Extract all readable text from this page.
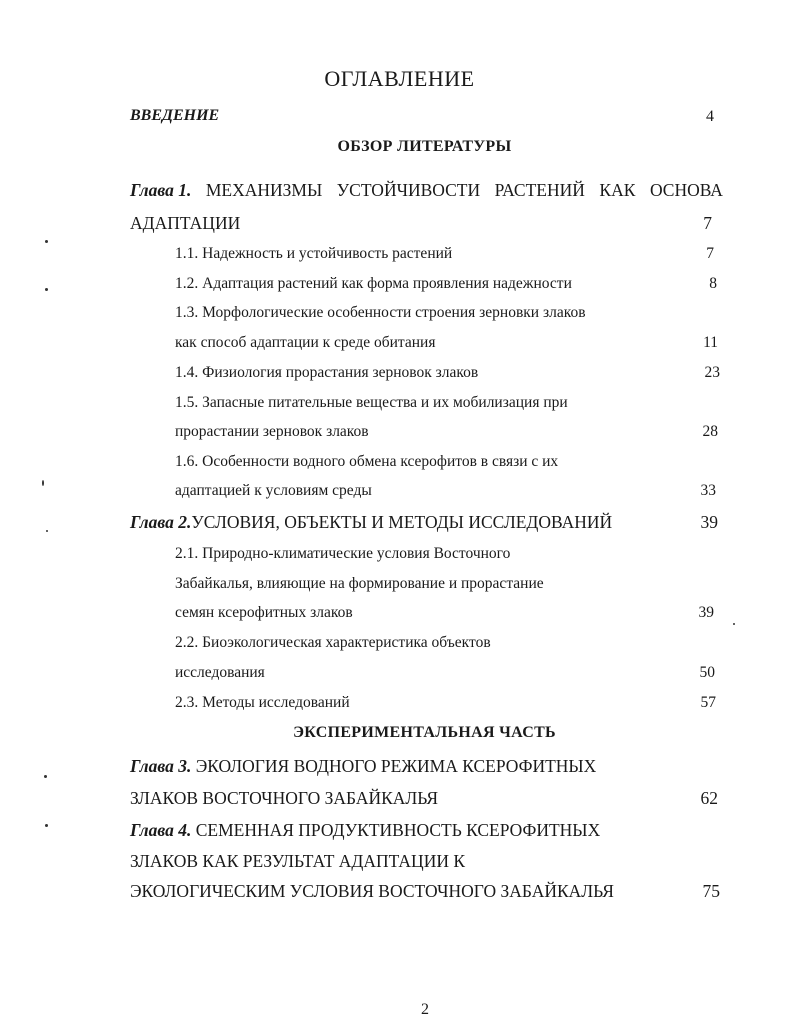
ОГЛАВЛЕНИЕ
ВВЕДЕНИЕ	4
ОБЗОР ЛИТЕРАТУРЫ
Глава 1. МЕХАНИЗМЫ УСТОЙЧИВОСТИ РАСТЕНИЙ КАК ОСНОВА
АДАПТАЦИИ	7
1.1. Надежность и устойчивость растений	7
1.2. Адаптация растений как форма проявления надежности	8
1.3. Морфологические особенности строения зерновки злаков
как способ адаптации к среде обитания	11
1.4. Физиология прорастания зерновок злаков	23
1.5. Запасные питательные вещества и их мобилизация при
прорастании зерновок злаков	28
1.6. Особенности водного обмена ксерофитов в связи с их
адаптацией к условиям среды	33
Глава 2.УСЛОВИЯ, ОБЪЕКТЫ И МЕТОДЫ ИССЛЕДОВАНИЙ	39
2.1. Природно-климатические условия Восточного
Забайкалья, влияющие на формирование и прорастание
семян ксерофитных злаков	39
2.2. Биоэкологическая характеристика объектов
исследования	50
2.3. Методы исследований	57
ЭКСПЕРИМЕНТАЛЬНАЯ ЧАСТЬ
Глава 3. ЭКОЛОГИЯ ВОДНОГО РЕЖИМА КСЕРОФИТНЫХ
ЗЛАКОВ ВОСТОЧНОГО ЗАБАЙКАЛЬЯ	62
Глава 4. СЕМЕННАЯ ПРОДУКТИВНОСТЬ КСЕРОФИТНЫХ
ЗЛАКОВ КАК РЕЗУЛЬТАТ АДАПТАЦИИ К
ЭКОЛОГИЧЕСКИМ УСЛОВИЯ ВОСТОЧНОГО ЗАБАЙКАЛЬЯ	75
2
